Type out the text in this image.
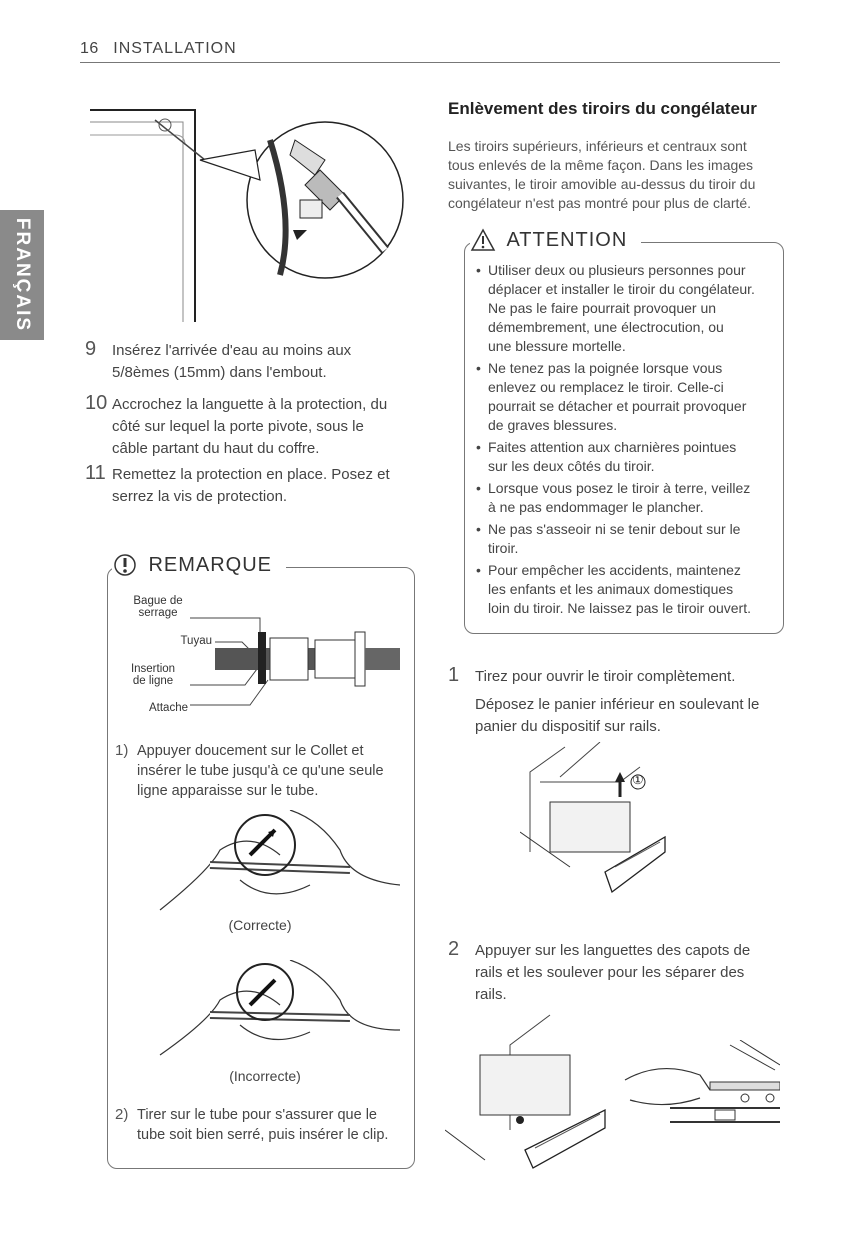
16 INSTALLATION
FRANÇAIS
9 Insérez l'arrivée d'eau au moins aux
5/8èmes (15mm) dans l'embout.
10 Accrochez la languette à la protection, du
côté sur lequel la porte pivote, sous le
câble partant du haut du coffre.
11 Remettez la protection en place. Posez et
serrez la vis de protection.
REMARQUE
Bague de
serrage
Tuyau
Insertion
de ligne
Attache
1) Appuyer doucement sur le Collet et
insérer le tube jusqu'à ce qu'une seule
ligne apparaisse sur le tube.
(Correcte)
(Incorrecte)
2) Tirer sur le tube pour s'assurer que le
tube soit bien serré, puis insérer le clip.
Enlèvement des tiroirs du congélateur
Les tiroirs supérieurs, inférieurs et centraux sont
tous enlevés de la même façon. Dans les images
suivantes, le tiroir amovible au-dessus du tiroir du
congélateur n'est pas montré pour plus de clarté.
ATTENTION
• Utiliser deux ou plusieurs personnes pour
déplacer et installer le tiroir du congélateur.
Ne pas le faire pourrait provoquer un
démembrement, une électrocution, ou
une blessure mortelle.
• Ne tenez pas la poignée lorsque vous
enlevez ou remplacez le tiroir. Celle-ci
pourrait se détacher et pourrait provoquer
de graves blessures.
• Faites attention aux charnières pointues
sur les deux côtés du tiroir.
• Lorsque vous posez le tiroir à terre, veillez
à ne pas endommager le plancher.
• Ne pas s'asseoir ni se tenir debout sur le
tiroir.
• Pour empêcher les accidents, maintenez
les enfants et les animaux domestiques
loin du tiroir. Ne laissez pas le tiroir ouvert.
1 Tirez pour ouvrir le tiroir complètement.
Déposez le panier inférieur en soulevant le
panier du dispositif sur rails.
①
2 Appuyer sur les languettes des capots de
rails et les soulever pour les séparer des
rails.
